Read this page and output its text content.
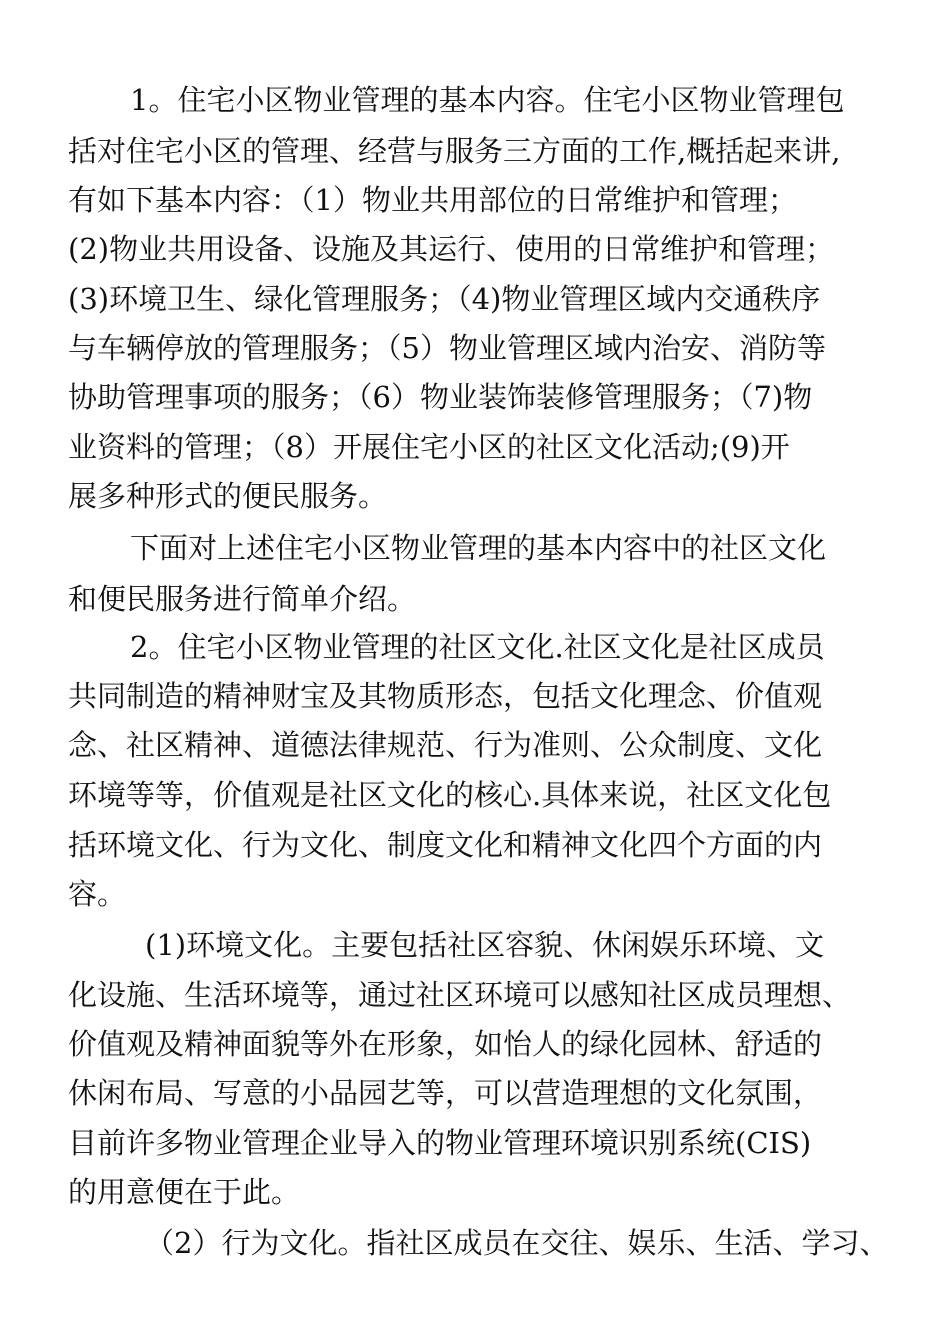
1。住宅小区物业管理的基本内容。住宅小区物业管理包
括对住宅小区的管理、经营与服务三方面的工作,概括起来讲,
有如下基本内容：（1）物业共用部位的日常维护和管理；
(2)物业共用设备、设施及其运行、使用的日常维护和管理；
(3)环境卫生、绿化管理服务；（4)物业管理区域内交通秩序
与车辆停放的管理服务；（5）物业管理区域内治安、消防等
协助管理事项的服务；（6）物业装饰装修管理服务；（7)物
业资料的管理；（8）开展住宅小区的社区文化活动;(9)开
展多种形式的便民服务。
下面对上述住宅小区物业管理的基本内容中的社区文化
和便民服务进行简单介绍。
2。住宅小区物业管理的社区文化.社区文化是社区成员
共同制造的精神财宝及其物质形态，包括文化理念、价值观
念、社区精神、道德法律规范、行为准则、公众制度、文化
环境等等，价值观是社区文化的核心.具体来说，社区文化包
括环境文化、行为文化、制度文化和精神文化四个方面的内
容。
(1)环境文化。主要包括社区容貌、休闲娱乐环境、文
化设施、生活环境等，通过社区环境可以感知社区成员理想、
价值观及精神面貌等外在形象，如怡人的绿化园林、舒适的
休闲布局、写意的小品园艺等，可以营造理想的文化氛围，
目前许多物业管理企业导入的物业管理环境识别系统(CIS)
的用意便在于此。
（2）行为文化。指社区成员在交往、娱乐、生活、学习、
